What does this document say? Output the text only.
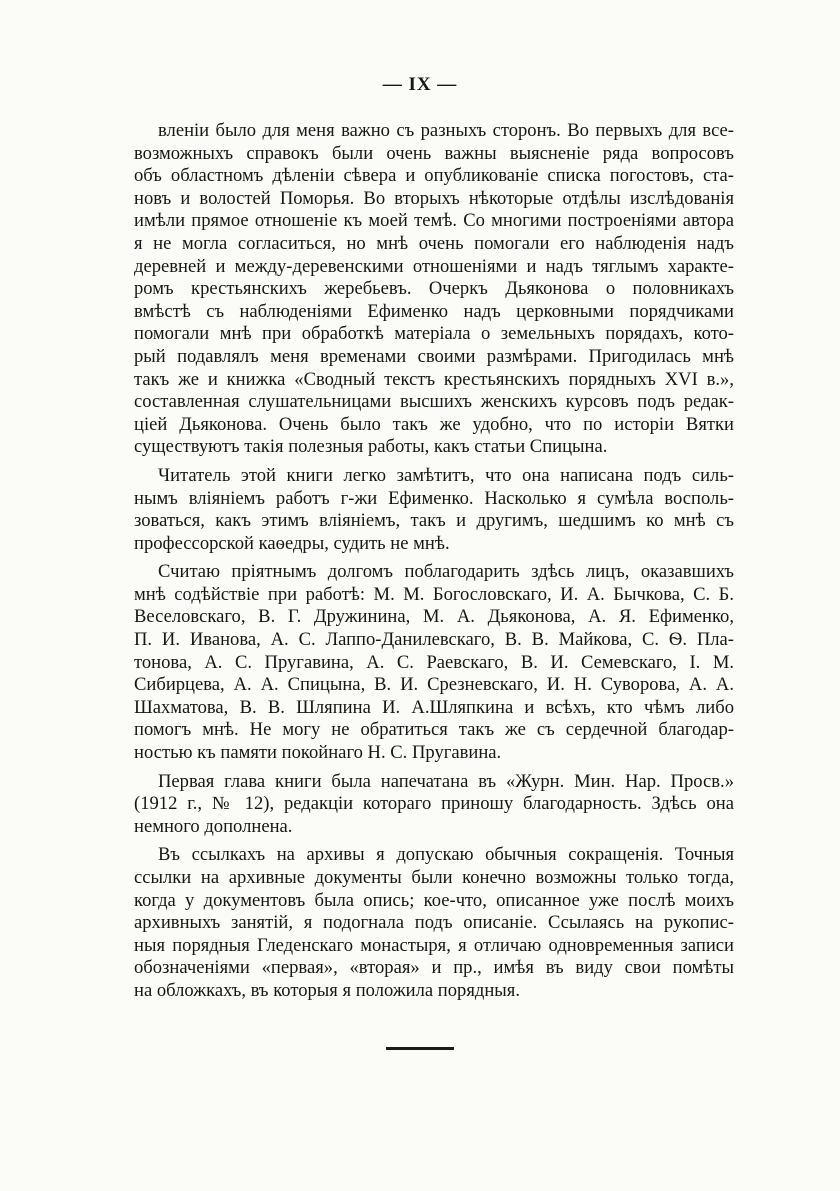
— IX —
вленіи было для меня важно съ разныхъ сторонъ. Во первыхъ для все-
возможныхъ справокъ были очень важны выясненіе ряда вопросовъ
объ областномъ дѣленіи сѣвера и опубликованіе списка погостовъ, ста-
новъ и волостей Поморья. Во вторыхъ нѣкоторые отдѣлы изслѣдованія
имѣли прямое отношеніе къ моей темѣ. Со многими построеніями автора
я не могла согласиться, но мнѣ очень помогали его наблюденія надъ
деревней и между-деревенскими отношеніями и надъ тяглымъ характе-
ромъ крестьянскихъ жеребьевъ. Очеркъ Дьяконова о половникахъ
вмѣстѣ съ наблюденіями Ефименко надъ церковными порядчиками
помогали мнѣ при обработкѣ матеріала о земельныхъ порядахъ, кото-
рый подавлялъ меня временами своими размѣрами. Пригодилась мнѣ
такъ же и книжка «Сводный текстъ крестьянскихъ порядныхъ XVI в.»,
составленная слушательницами высшихъ женскихъ курсовъ подъ редак-
ціей Дьяконова. Очень было такъ же удобно, что по исторіи Вятки
существуютъ такія полезныя работы, какъ статьи Спицына.
Читатель этой книги легко замѣтитъ, что она написана подъ силь-
нымъ вліяніемъ работъ г-жи Ефименко. Насколько я сумѣла восполь-
зоваться, какъ этимъ вліяніемъ, такъ и другимъ, шедшимъ ко мнѣ съ
профессорской каѳедры, судить не мнѣ.
Считаю пріятнымъ долгомъ поблагодарить здѣсь лицъ, оказавшихъ
мнѣ содѣйствіе при работѣ: М. М. Богословскаго, И. А. Бычкова, С. Б.
Веселовскаго, В. Г. Дружинина, М. А. Дьяконова, А. Я. Ефименко,
П. И. Иванова, А. С. Лаппо-Данилевскаго, В. В. Майкова, С. Ѳ. Пла-
тонова, А. С. Пругавина, А. С. Раевскаго, В. И. Семевскаго, І. М.
Сибирцева, А. А. Спицына, В. И. Срезневскаго, И. Н. Суворова, А. А.
Шахматова, В. В. Шляпина И. А.Шляпкина и всѣхъ, кто чѣмъ либо
помогъ мнѣ. Не могу не обратиться такъ же съ сердечной благодар-
ностью къ памяти покойнаго Н. С. Пругавина.
Первая глава книги была напечатана въ «Журн. Мин. Нар. Просв.»
(1912 г., № 12), редакціи котораго приношу благодарность. Здѣсь она
немного дополнена.
Въ ссылкахъ на архивы я допускаю обычныя сокращенія. Точныя
ссылки на архивные документы были конечно возможны только тогда,
когда у документовъ была опись; кое-что, описанное уже послѣ моихъ
архивныхъ занятій, я подогнала подъ описаніе. Ссылаясь на рукопис-
ныя порядныя Гледенскаго монастыря, я отличаю одновременныя записи
обозначеніями «первая», «вторая» и пр., имѣя въ виду свои помѣты
на обложкахъ, въ которыя я положила порядныя.
